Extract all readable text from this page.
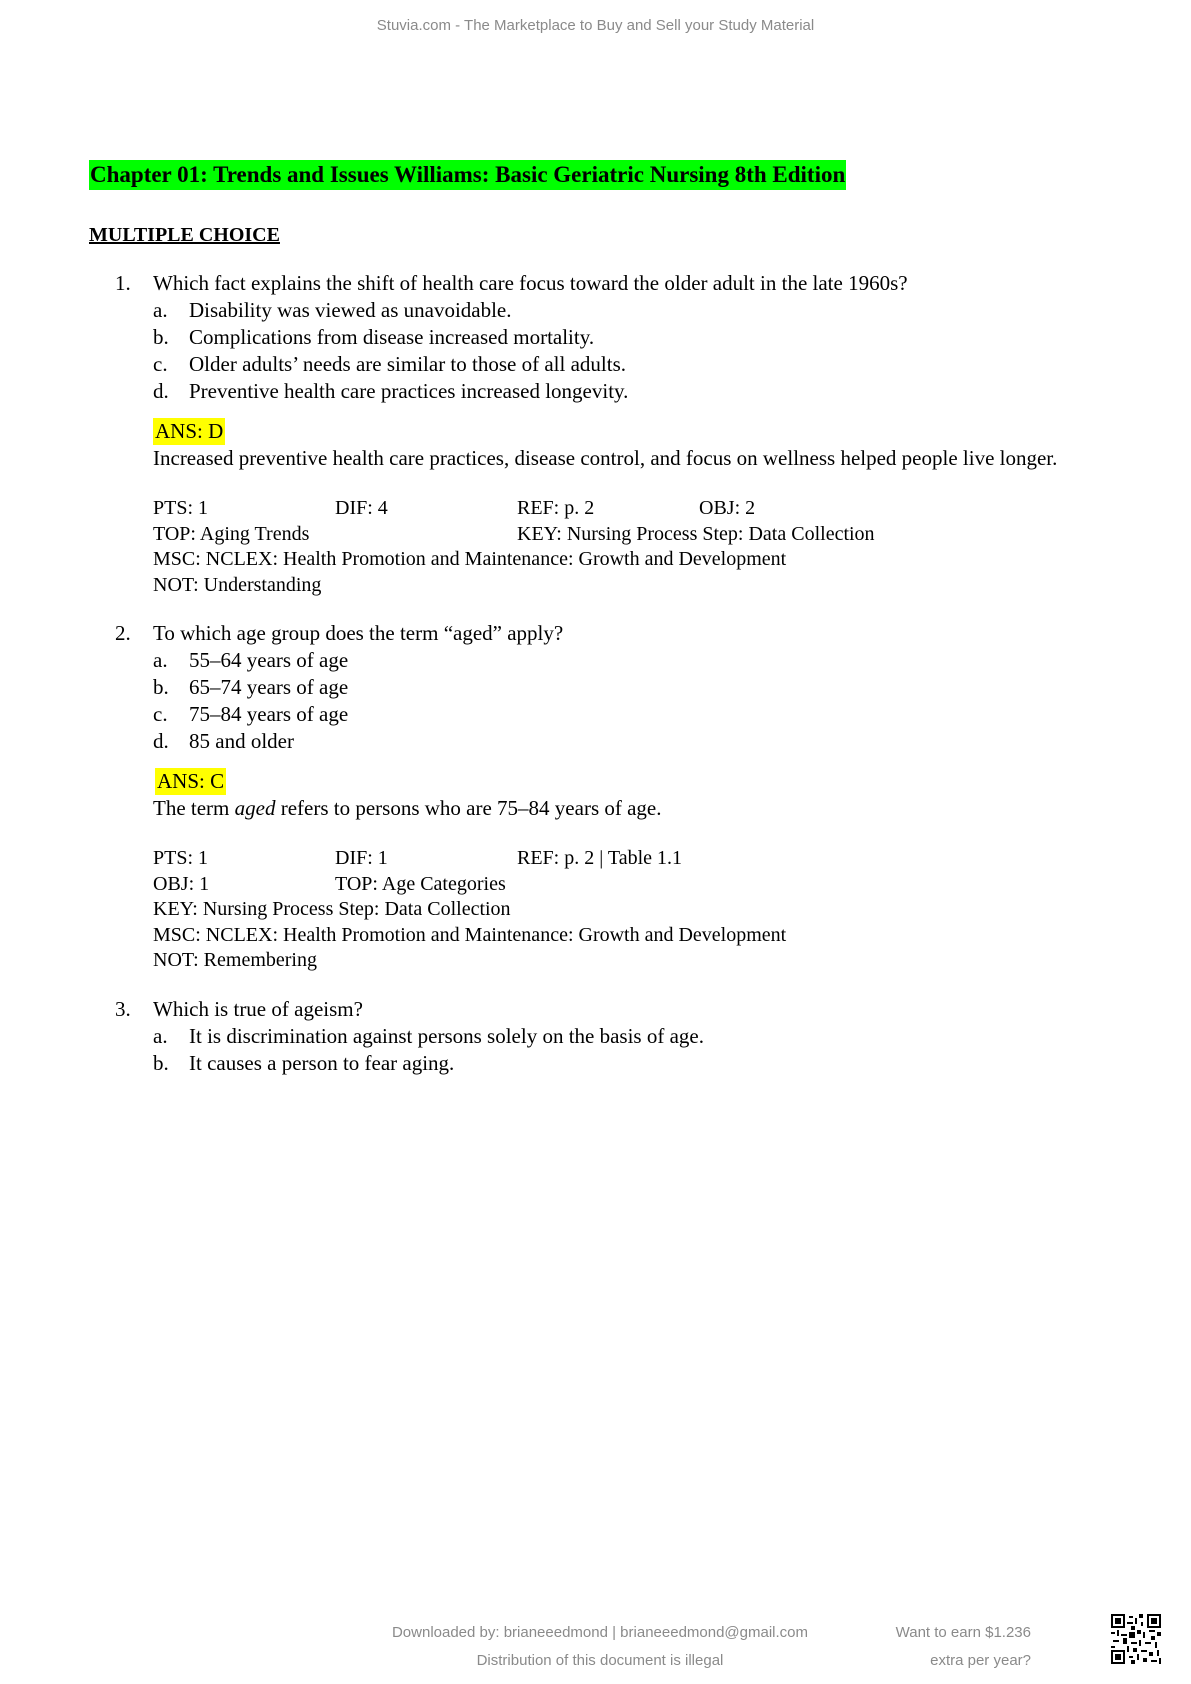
Stuvia.com - The Marketplace to Buy and Sell your Study Material
Chapter 01: Trends and Issues Williams: Basic Geriatric Nursing 8th Edition
MULTIPLE CHOICE
1. Which fact explains the shift of health care focus toward the older adult in the late 1960s?
a. Disability was viewed as unavoidable.
b. Complications from disease increased mortality.
c. Older adults’ needs are similar to those of all adults.
d. Preventive health care practices increased longevity.
ANS: D
Increased preventive health care practices, disease control, and focus on wellness helped people live longer.
PTS: 1	DIF: 4	REF: p. 2	OBJ: 2
TOP: Aging Trends	KEY: Nursing Process Step: Data Collection
MSC: NCLEX: Health Promotion and Maintenance: Growth and Development
NOT: Understanding
2. To which age group does the term “aged” apply?
a. 55–64 years of age
b. 65–74 years of age
c. 75–84 years of age
d. 85 and older
ANS: C
The term aged refers to persons who are 75–84 years of age.
PTS: 1	DIF: 1	REF: p. 2 | Table 1.1
OBJ: 1	TOP: Age Categories
KEY: Nursing Process Step: Data Collection
MSC: NCLEX: Health Promotion and Maintenance: Growth and Development
NOT: Remembering
3. Which is true of ageism?
a. It is discrimination against persons solely on the basis of age.
b. It causes a person to fear aging.
Downloaded by: brianeeedmond | brianeeedmond@gmail.com
Distribution of this document is illegal
Want to earn $1.236
extra per year?
